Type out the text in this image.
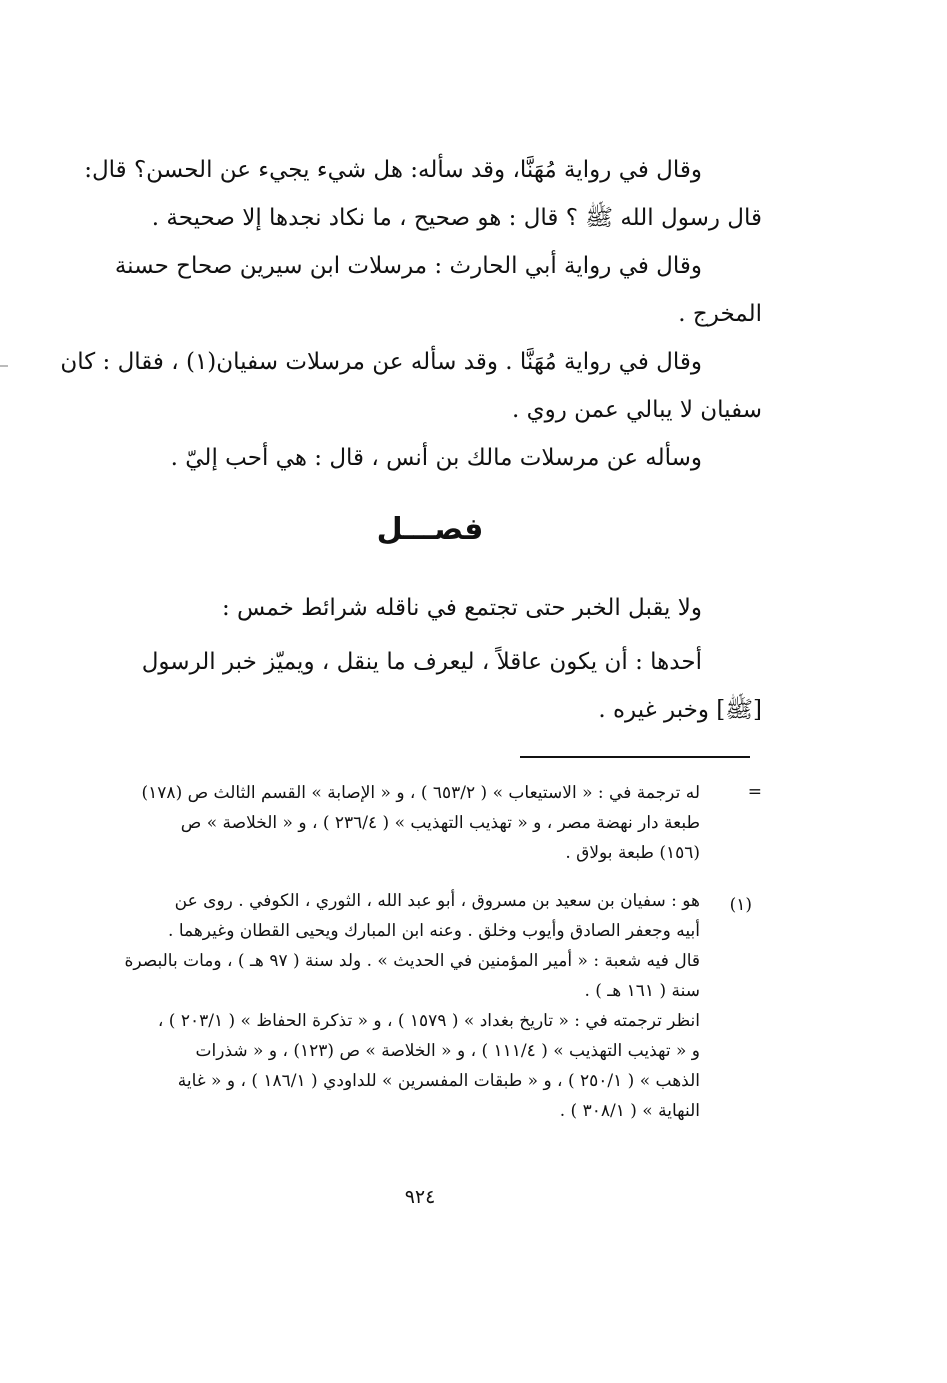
وقال في رواية مُهَنَّا، وقد سأله: هل شيء يجيء عن الحسن؟ قال:
قال رسول الله ﷺ ؟ قال : هو صحيح ، ما نكاد نجدها إلا صحيحة .
وقال في رواية أبي الحارث : مرسلات ابن سيرين صحاح حسنة
المخرج .
وقال في رواية مُهَنَّا . وقد سأله عن مرسلات سفيان(١) ، فقال : كان
سفيان لا يبالي عمن روي .
وسأله عن مرسلات مالك بن أنس ، قال : هي أحب إليّ .
فصـــل
ولا يقبل الخبر حتى تجتمع في ناقله شرائط خمس :
أحدها : أن يكون عاقلاً ، ليعرف ما ينقل ، ويميّز خبر الرسول
[ﷺ] وخبر غيره .
=
له ترجمة في : « الاستيعاب » ( ٦٥٣/٢ ) ، و « الإصابة » القسم الثالث ص (١٧٨)
طبعة دار نهضة مصر ، و « تهذيب التهذيب » ( ٢٣٦/٤ ) ، و « الخلاصة » ص
(١٥٦) طبعة بولاق .
(١)
هو : سفيان بن سعيد بن مسروق ، أبو عبد الله ، الثوري ، الكوفي . روى عن
أبيه وجعفر الصادق وأيوب وخلق . وعنه ابن المبارك ويحيى القطان وغيرهما .
قال فيه شعبة : « أمير المؤمنين في الحديث » . ولد سنة ( ٩٧ هـ ) ، ومات بالبصرة
سنة ( ١٦١ هـ ) .
انظر ترجمته في : « تاريخ بغداد » ( ١٥٧٩ ) ، و « تذكرة الحفاظ » ( ٢٠٣/١ ) ،
و « تهذيب التهذيب » ( ١١١/٤ ) ، و « الخلاصة » ص (١٢٣) ، و « شذرات
الذهب » ( ٢٥٠/١ ) ، و « طبقات المفسرين » للداودي ( ١٨٦/١ ) ، و « غاية
النهاية » ( ٣٠٨/١ ) .
٩٢٤
